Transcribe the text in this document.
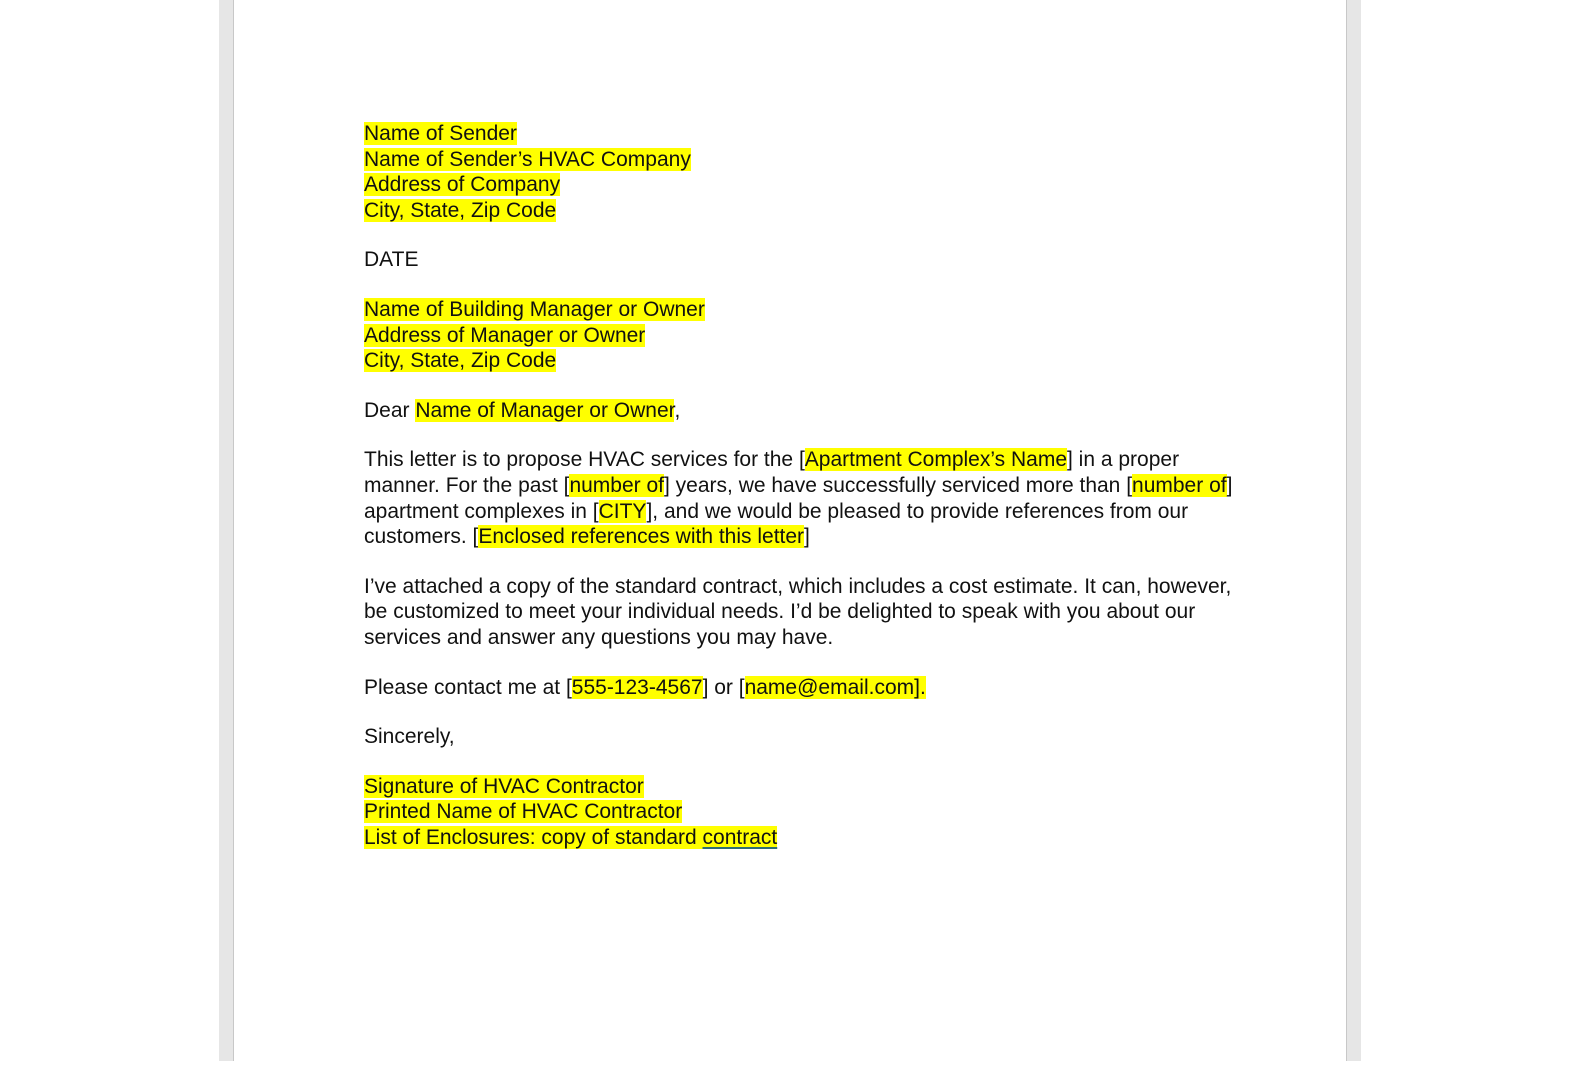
Name of Sender
Name of Sender’s HVAC Company
Address of Company
City, State, Zip Code
DATE
Name of Building Manager or Owner
Address of Manager or Owner
City, State, Zip Code
Dear Name of Manager or Owner,
This letter is to propose HVAC services for the [Apartment Complex’s Name] in a proper manner. For the past [number of] years, we have successfully serviced more than [number of] apartment complexes in [CITY], and we would be pleased to provide references from our customers. [Enclosed references with this letter]
I’ve attached a copy of the standard contract, which includes a cost estimate. It can, however, be customized to meet your individual needs. I’d be delighted to speak with you about our services and answer any questions you may have.
Please contact me at [555-123-4567] or [name@email.com].
Sincerely,
Signature of HVAC Contractor
Printed Name of HVAC Contractor
List of Enclosures: copy of standard contract
